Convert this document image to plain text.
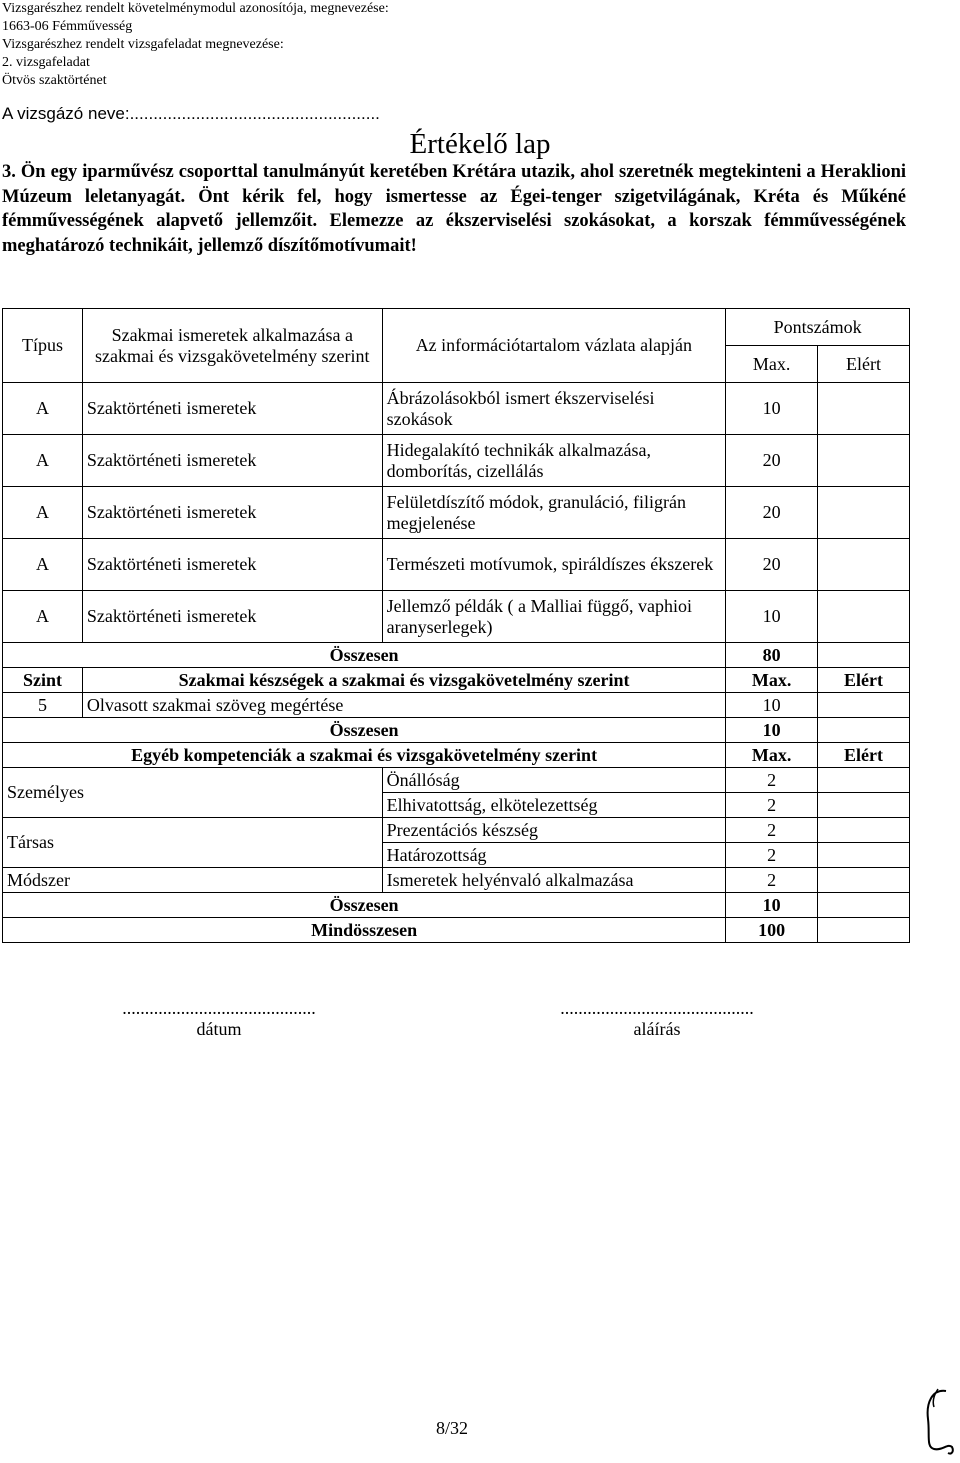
Vizsgarészhez rendelt követelménymodul azonosítója, megnevezése:
1663-06 Fémművesség
Vizsgarészhez rendelt vizsgafeladat megnevezése:
2. vizsgafeladat
Ötvös szaktörténet
A vizsgázó neve:.....................................................
Értékelő lap
3. Ön egy iparművész csoporttal tanulmányút keretében Krétára utazik, ahol szeretnék megtekinteni a Heraklioni Múzeum leletanyagát. Önt kérik fel, hogy ismertesse az Égei-tenger szigetvilágának, Kréta és Műkéné fémművességének alapvető jellemzőit. Elemezze az ékszerviselési szokásokat, a korszak fémművességének meghatározó technikáit, jellemző díszítőmotívumait!
Típus	Szakmai ismeretek alkalmazása a szakmai és vizsgakövetelmény szerint	Az információtartalom vázlata alapján	Pontszámok	
			Max.	Elért
A	Szaktörténeti ismeretek	Ábrázolásokból ismert ékszerviselési szokások	10	
A	Szaktörténeti ismeretek	Hidegalakító technikák alkalmazása, domborítás, cizellálás	20	
A	Szaktörténeti ismeretek	Felületdíszítő módok, granuláció, filigrán megjelenése	20	
A	Szaktörténeti ismeretek	Természeti motívumok, spiráldíszes ékszerek	20	
A	Szaktörténeti ismeretek	Jellemző példák ( a Malliai függő, vaphioi aranyserlegek)	10	
Összesen			80	
Szint	Szakmai készségek a szakmai és vizsgakövetelmény szerint		Max.	Elért
5	Olvasott szakmai szöveg megértése		10	
Összesen			10	
Egyéb kompetenciák a szakmai és vizsgakövetelmény szerint			Max.	Elért
Személyes		Önállóság	2	
		Elhivatottság, elkötelezettség	2	
Társas		Prezentációs készség	2	
		Határozottság	2	
Módszer		Ismeretek helyénvaló alkalmazása	2	
Összesen			10	
Mindösszesen			100	
...........................................
dátum
...........................................
aláírás
8/32
